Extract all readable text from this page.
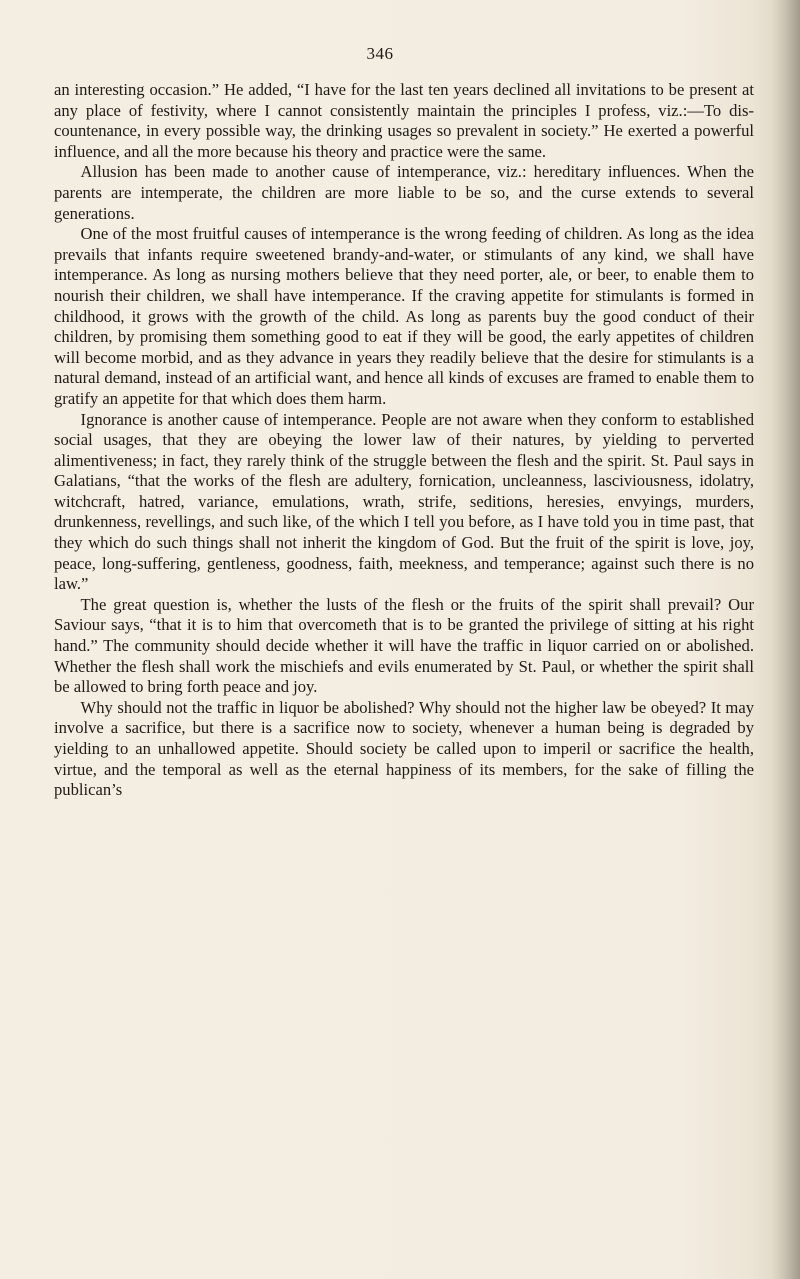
346

an interesting occasion.” He added, “I have for the last ten years declined all invitations to be present at any place of festivity, where I cannot consistently maintain the principles I profess, viz.:—To dis-countenance, in every possible way, the drinking usages so prevalent in society.” He exerted a powerful influence, and all the more because his theory and practice were the same.

Allusion has been made to another cause of intemperance, viz.: hereditary influences. When the parents are intemperate, the children are more liable to be so, and the curse extends to several generations.

One of the most fruitful causes of intemperance is the wrong feeding of children. As long as the idea prevails that infants require sweetened brandy-and-water, or stimulants of any kind, we shall have intemperance. As long as nursing mothers believe that they need porter, ale, or beer, to enable them to nourish their children, we shall have intemperance. If the craving appetite for stimulants is formed in childhood, it grows with the growth of the child. As long as parents buy the good conduct of their children, by promising them something good to eat if they will be good, the early appetites of children will become morbid, and as they advance in years they readily believe that the desire for stimulants is a natural demand, instead of an artificial want, and hence all kinds of excuses are framed to enable them to gratify an appetite for that which does them harm.

Ignorance is another cause of intemperance. People are not aware when they conform to established social usages, that they are obeying the lower law of their natures, by yielding to perverted alimentiveness; in fact, they rarely think of the struggle between the flesh and the spirit. St. Paul says in Galatians, “that the works of the flesh are adultery, fornication, uncleanness, lasciviousness, idolatry, witchcraft, hatred, variance, emulations, wrath, strife, seditions, heresies, envyings, murders, drunkenness, revellings, and such like, of the which I tell you before, as I have told you in time past, that they which do such things shall not inherit the kingdom of God. But the fruit of the spirit is love, joy, peace, long-suffering, gentleness, goodness, faith, meekness, and temperance; against such there is no law.”

The great question is, whether the lusts of the flesh or the fruits of the spirit shall prevail? Our Saviour says, “that it is to him that overcometh that is to be granted the privilege of sitting at his right hand.” The community should decide whether it will have the traffic in liquor carried on or abolished. Whether the flesh shall work the mischiefs and evils enumerated by St. Paul, or whether the spirit shall be allowed to bring forth peace and joy.

Why should not the traffic in liquor be abolished? Why should not the higher law be obeyed? It may involve a sacrifice, but there is a sacrifice now to society, whenever a human being is degraded by yielding to an unhallowed appetite. Should society be called upon to imperil or sacrifice the health, virtue, and the temporal as well as the eternal happiness of its members, for the sake of filling the publican’s
